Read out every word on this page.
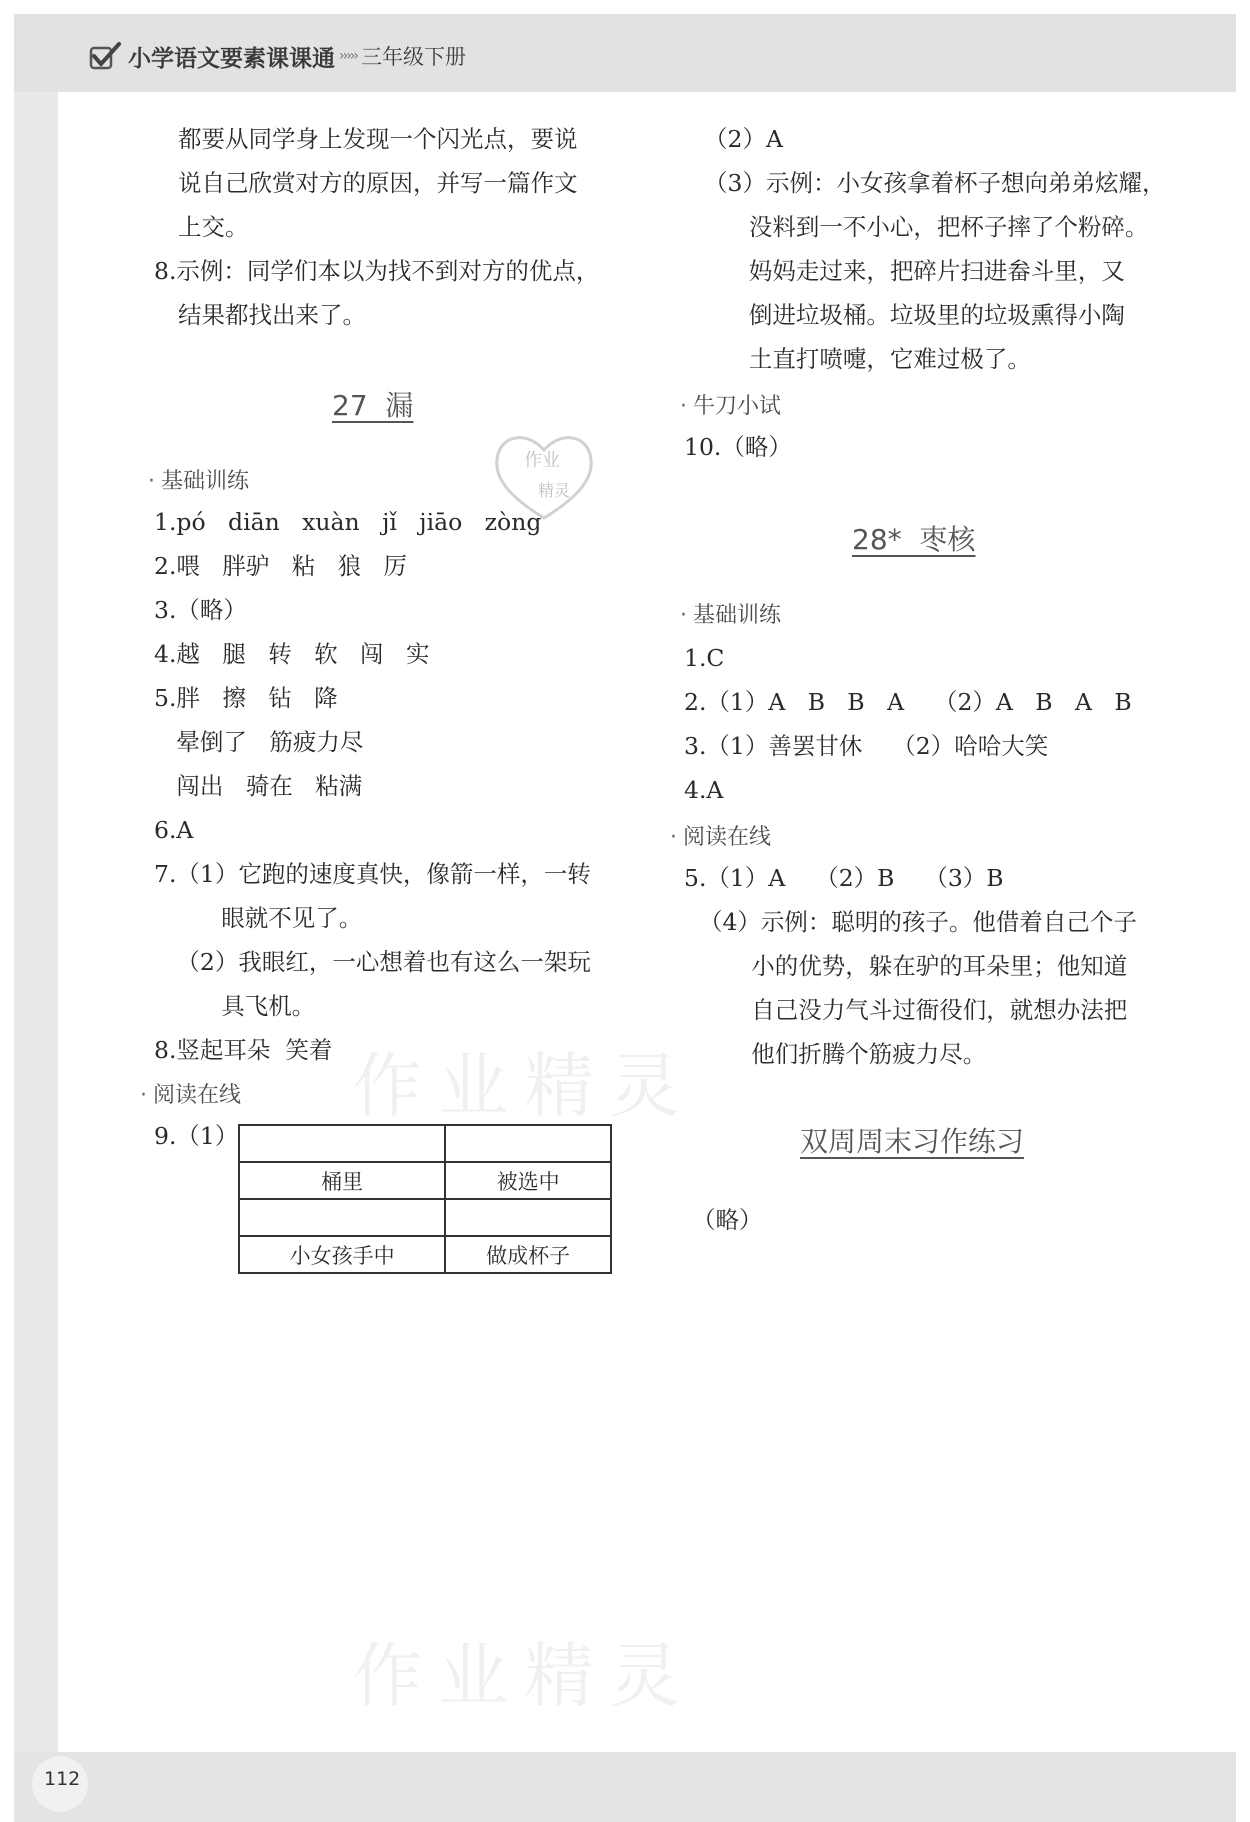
小学语文要素课课通 ››››› 三年级下册
作业
精灵
作业精灵
作业精灵
都要从同学身上发现一个闪光点，要说
说自己欣赏对方的原因，并写一篇作文
上交。
8.示例：同学们本以为找不到对方的优点，
结果都找出来了。
27  漏
· 基础训练
1.pó   diān   xuàn   jǐ   jiāo   zòng
2.喂   胖驴   粘   狼   厉
3.（略）
4.越   腿   转   软   闯   实
5.胖   擦   钻   降
晕倒了   筋疲力尽
闯出   骑在   粘满
6.A
7.（1）它跑的速度真快，像箭一样，一转
眼就不见了。
（2）我眼红，一心想着也有这么一架玩
具飞机。
8.竖起耳朵  笑着
· 阅读在线
9.（1）

桶里	被选中

小女孩手中	做成杯子
（2）A
（3）示例：小女孩拿着杯子想向弟弟炫耀，
没料到一不小心，把杯子摔了个粉碎。
妈妈走过来，把碎片扫进畚斗里，又
倒进垃圾桶。垃圾里的垃圾熏得小陶
土直打喷嚏，它难过极了。
· 牛刀小试
10.（略）
28*  枣核
· 基础训练
1.C
2.（1）A   B   B   A    （2）A   B   A   B
3.（1）善罢甘休    （2）哈哈大笑
4.A
· 阅读在线
5.（1）A    （2）B    （3）B
（4）示例：聪明的孩子。他借着自己个子
小的优势，躲在驴的耳朵里；他知道
自己没力气斗过衙役们，就想办法把
他们折腾个筋疲力尽。
双周周末习作练习
（略）
112
